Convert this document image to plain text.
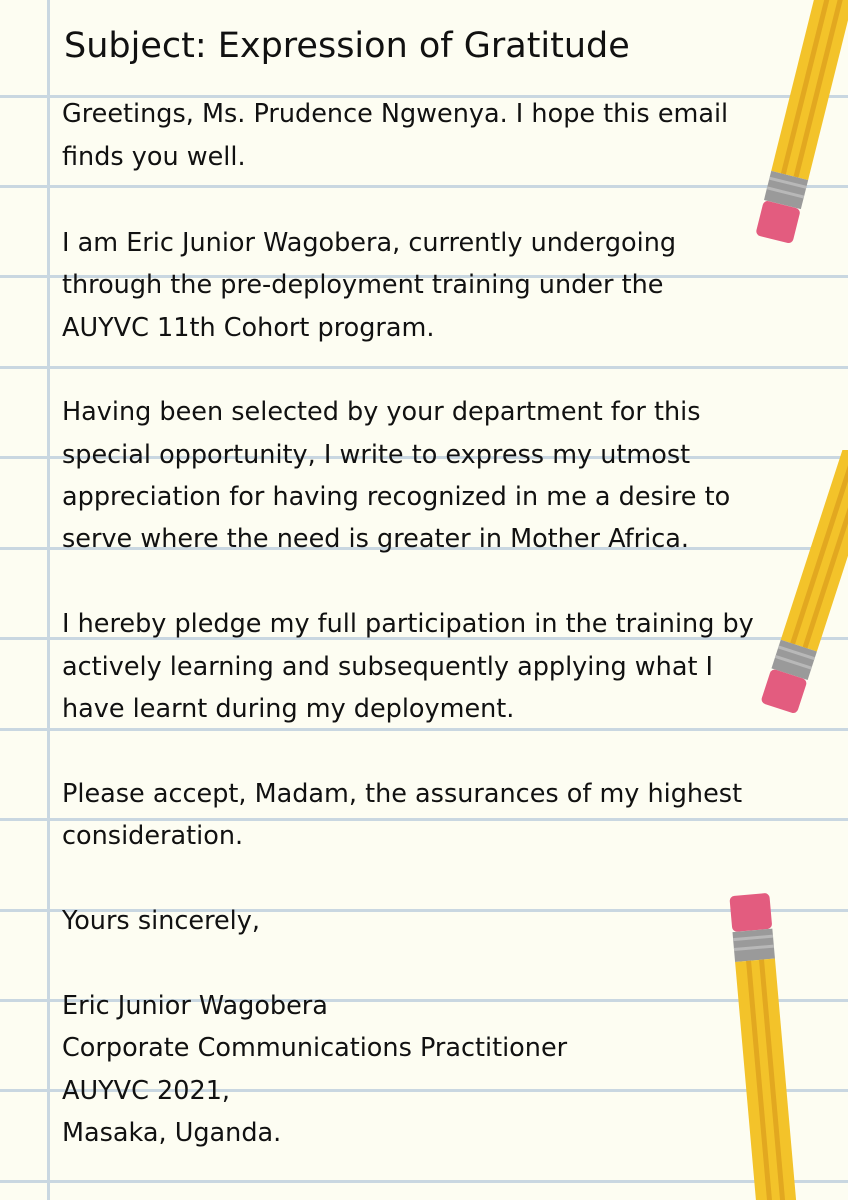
Subject: Expression of Gratitude
Greetings, Ms. Prudence Ngwenya. I hope this email
finds you well.
I am Eric Junior Wagobera, currently undergoing
through the pre-deployment training under the
AUYVC 11th Cohort program.
Having been selected by your department for this
special opportunity, I write to express my utmost
appreciation for having recognized in me a desire to
serve where the need is greater in Mother Africa.
I hereby pledge my full participation in the training by
actively learning and subsequently applying what I
have learnt during my deployment.
Please accept, Madam, the assurances of my highest
consideration.
Yours sincerely,
Eric Junior Wagobera
Corporate Communications Practitioner
AUYVC 2021,
Masaka, Uganda.
